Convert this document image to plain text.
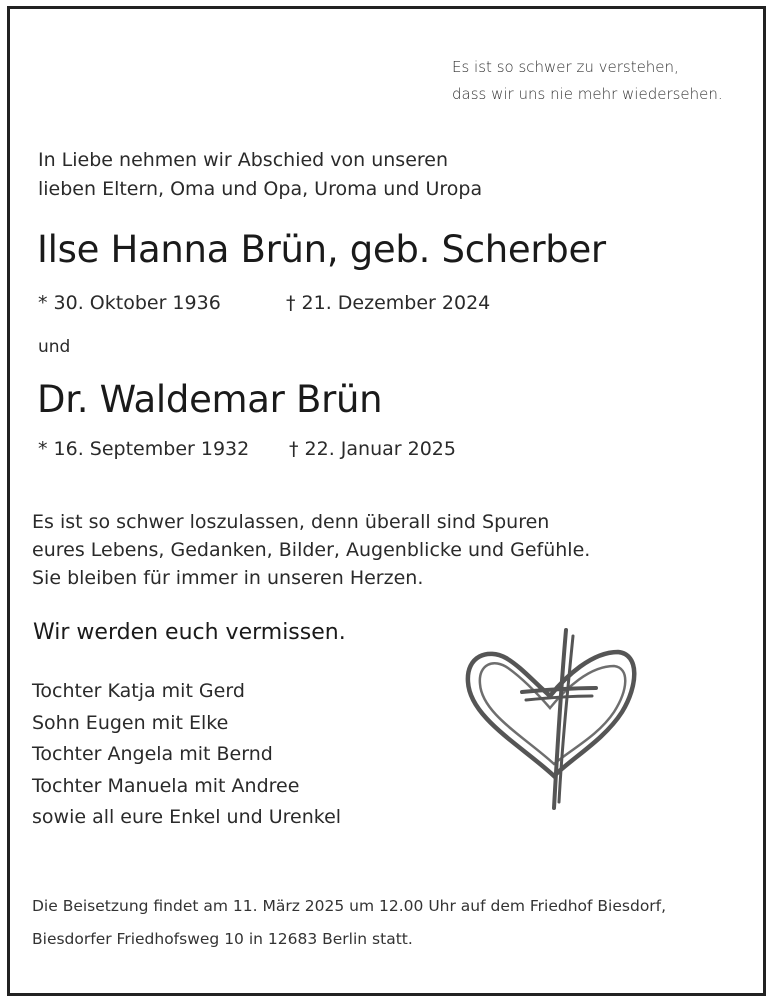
Es ist so schwer zu verstehen,
dass wir uns nie mehr wiedersehen.
In Liebe nehmen wir Abschied von unseren
lieben Eltern, Oma und Opa, Uroma und Uropa
Ilse Hanna Brün, geb. Scherber
* 30. Oktober 1936	† 21. Dezember 2024
und
Dr. Waldemar Brün
* 16. September 1932 † 22. Januar 2025
Es ist so schwer loszulassen, denn überall sind Spuren
eures Lebens, Gedanken, Bilder, Augenblicke und Gefühle.
Sie bleiben für immer in unseren Herzen.
Wir werden euch vermissen.
Tochter Katja mit Gerd
Sohn Eugen mit Elke
Tochter Angela mit Bernd
Tochter Manuela mit Andree
sowie all eure Enkel und Urenkel
Die Beisetzung findet am 11. März 2025 um 12.00 Uhr auf dem Friedhof Biesdorf,
Biesdorfer Friedhofsweg 10 in 12683 Berlin statt.
